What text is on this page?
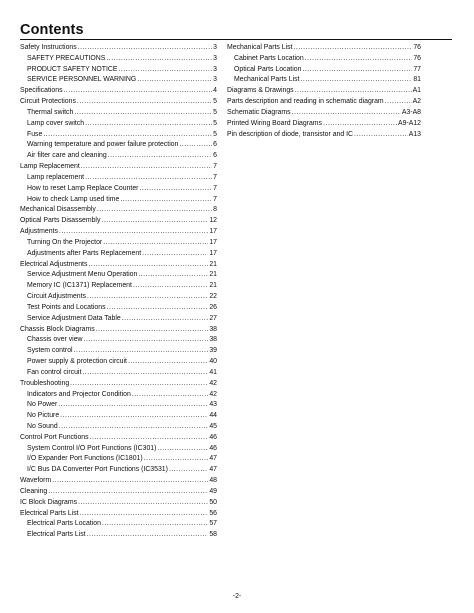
Contents
Safety Instructions .....	3
SAFETY PRECAUTIONS .....	3
PRODUCT SAFETY NOTICE .....	3
SERVICE PERSONNEL WARNING .....	3
Specifications .....	4
Circuit Protections .....	5
Thermal switch .....	5
Lamp cover switch .....	5
Fuse .....	5
Warning temperature and power failure protection .....	6
Air filter care and cleaning .....	6
Lamp Replacement .....	7
Lamp replacement .....	7
How to reset Lamp Replace Counter .....	7
How to check Lamp used time .....	7
Mechanical Disassembly .....	8
Optical Parts Disassembly .....	12
Adjustments .....	17
Turning On the Projector .....	17
Adjustments after Parts Replacement .....	17
Electrical Adjustments .....	21
Service Adjustment Menu Operation .....	21
Memory IC (IC1371) Replacement .....	21
Circuit Adjustments .....	22
Test Points and Locations .....	26
Service Adjustment Data Table .....	27
Chassis Block Diagrams .....	38
Chassis over view .....	38
System control .....	39
Power supply & protection circuit .....	40
Fan control circuit .....	41
Troubleshooting .....	42
Indicators and Projector Condition .....	42
No Power .....	43
No Picture .....	44
No Sound .....	45
Control Port Functions .....	46
System Control I/O Port Functions (IC301) .....	46
I/O Expander Port Functions (IC1801) .....	47
I/C Bus DA Converter Port Functions (IC3531) .....	47
Waveform .....	48
Cleaning .....	49
IC Block Diagrams .....	50
Electrical Parts List .....	56
Electrical Parts Location .....	57
Electrical Parts List .....	58
Mechanical Parts List .....	76
Cabinet Parts Location .....	76
Optical Parts Location .....	77
Mechanical Parts List .....	81
Diagrams & Drawings .....	A1
Parts description and reading in schematic diagram .....	A2
Schematic Diagrams .....	A3-A8
Printed Wiring Board Diagrams .....	A9-A12
Pin description of diode, transistor and IC .....	A13
-2-
